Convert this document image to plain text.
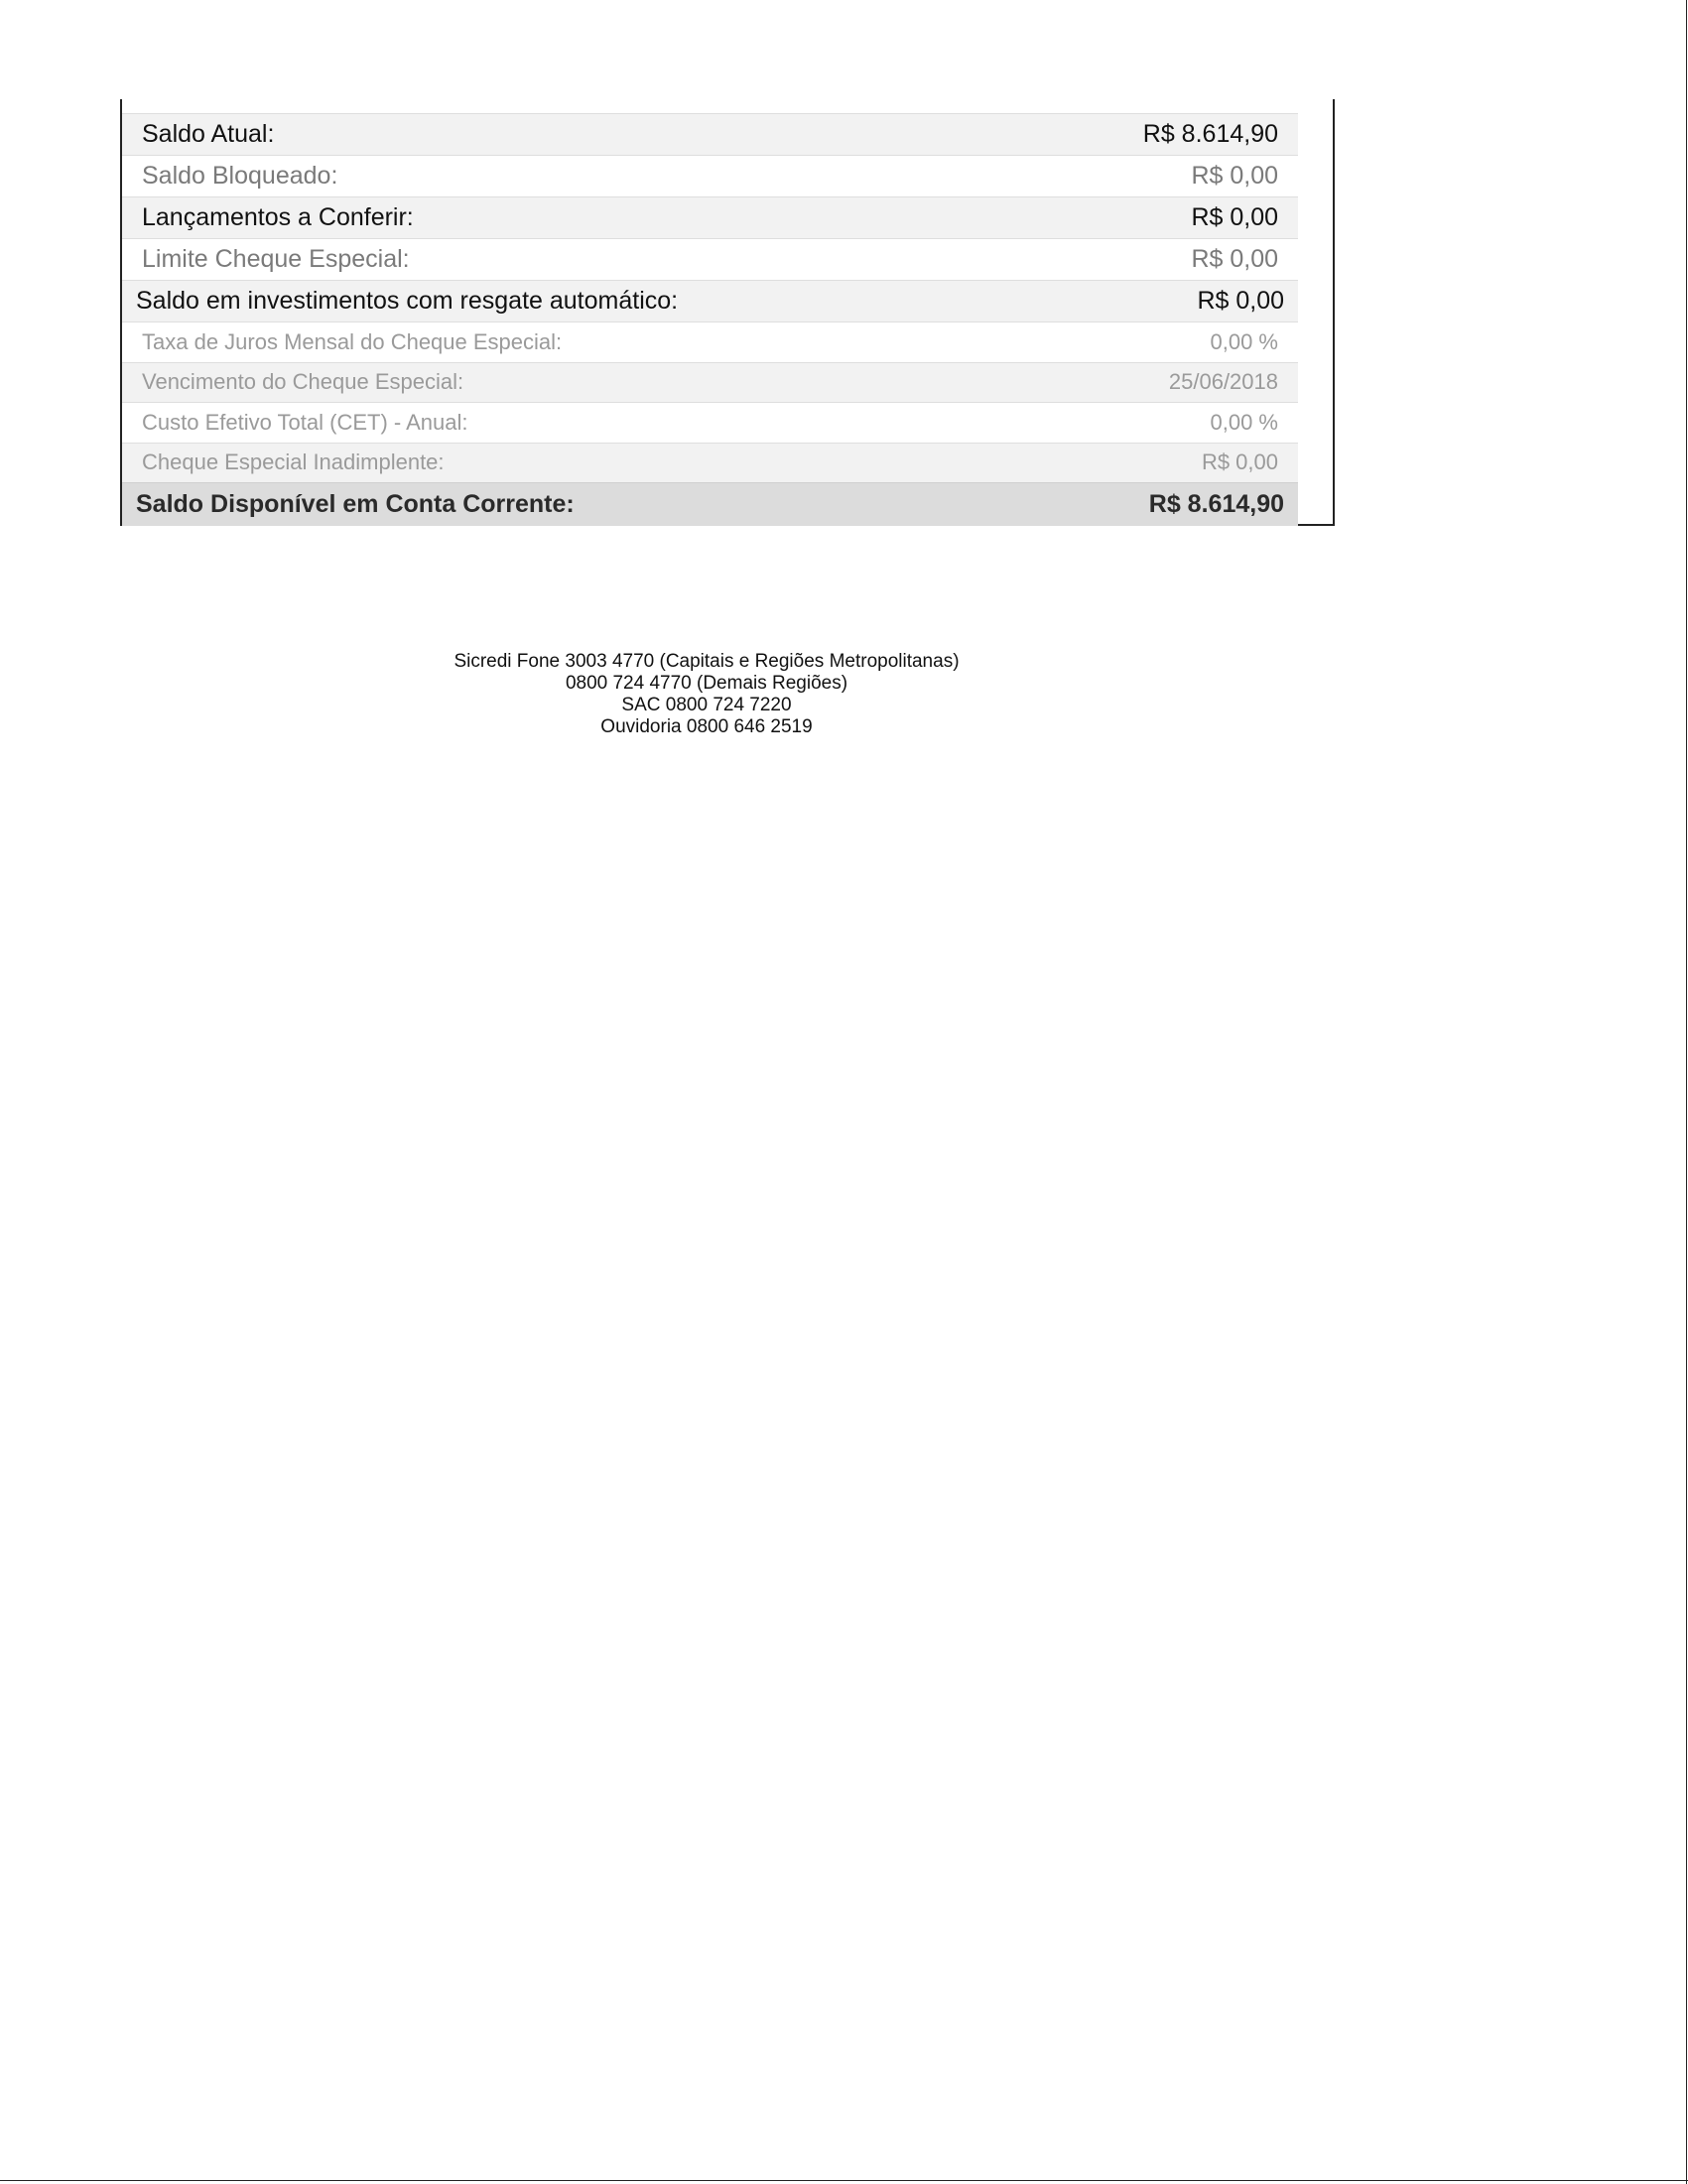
Saldo Atual:	R$ 8.614,90
Saldo Bloqueado:	R$ 0,00
Lançamentos a Conferir:	R$ 0,00
Limite Cheque Especial:	R$ 0,00
Saldo em investimentos com resgate automático:	R$ 0,00
Taxa de Juros Mensal do Cheque Especial:	0,00 %
Vencimento do Cheque Especial:	25/06/2018
Custo Efetivo Total (CET) - Anual:	0,00 %
Cheque Especial Inadimplente:	R$ 0,00
Saldo Disponível em Conta Corrente:	R$ 8.614,90
Sicredi Fone 3003 4770 (Capitais e Regiões Metropolitanas)
0800 724 4770 (Demais Regiões)
SAC 0800 724 7220
Ouvidoria 0800 646 2519
